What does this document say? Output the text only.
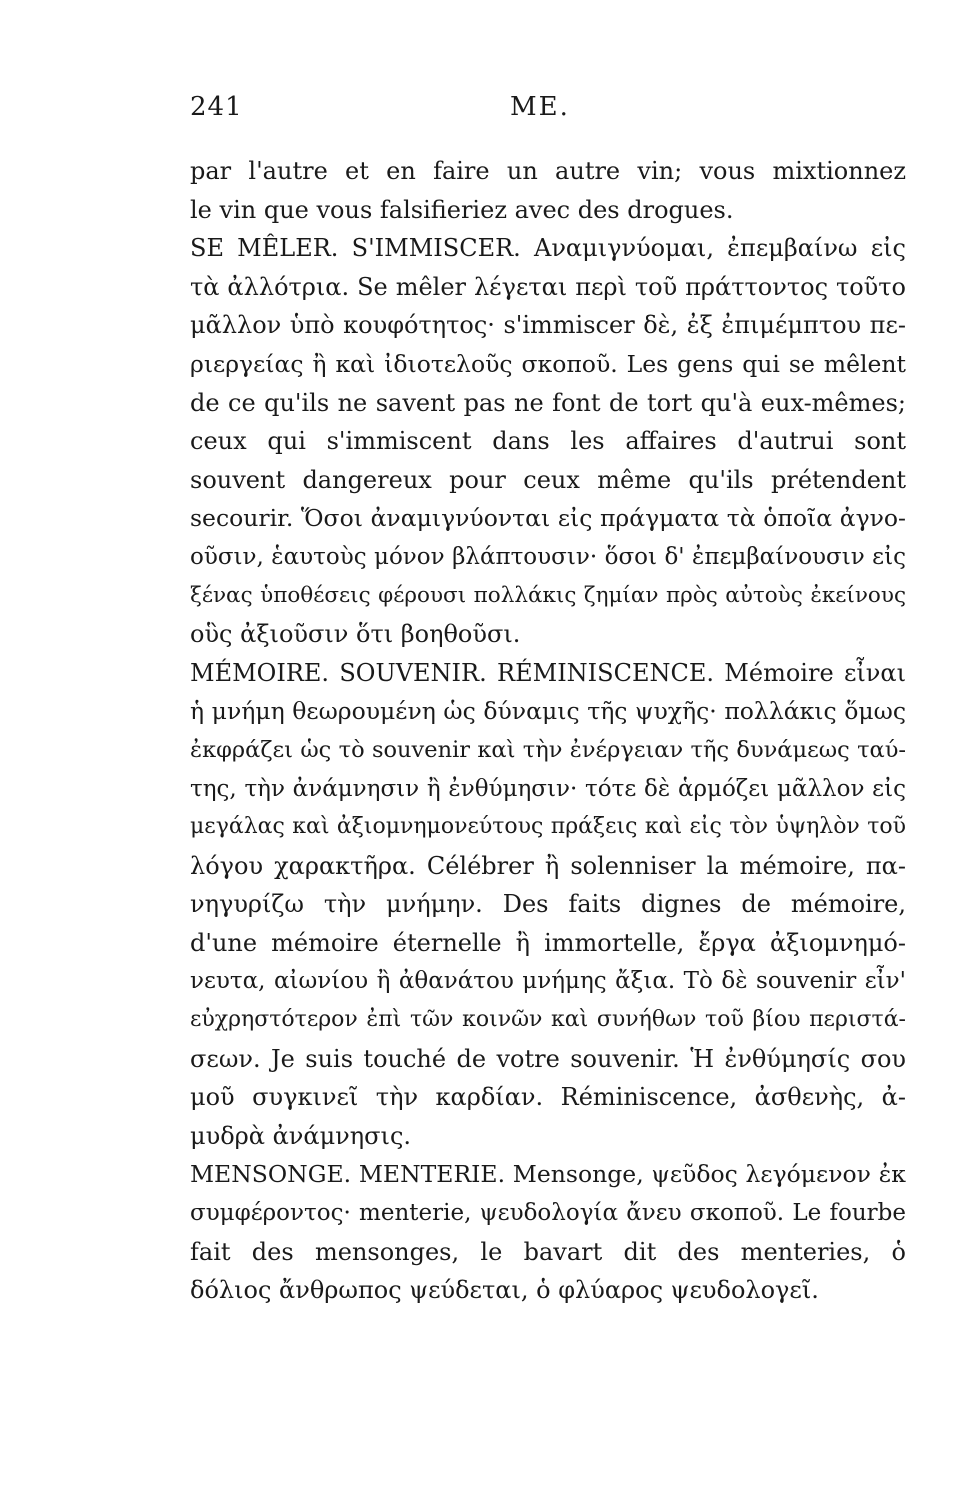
241	ME.
par l'autre et en faire un autre vin; vous mixtionnez
le vin que vous falsifieriez avec des drogues.
SE MÊLER. S'IMMISCER. Αναμιγνύομαι, ἐπεμβαίνω εἰς
τὰ ἀλλότρια. Se mêler λέγεται περὶ τοῦ πράττοντος τοῦτο
μᾶλλον ὑπὸ κουφότητος· s'immiscer δὲ, ἐξ ἐπιμέμπτου πε-
ριεργείας ἢ καὶ ἰδιοτελοῦς σκοποῦ. Les gens qui se mêlent
de ce qu'ils ne savent pas ne font de tort qu'à eux-mêmes;
ceux qui s'immiscent dans les affaires d'autrui sont
souvent dangereux pour ceux même qu'ils prétendent
secourir. Ὅσοι ἀναμιγνύονται εἰς πράγματα τὰ ὁποῖα ἀγνο-
οῦσιν, ἑαυτοὺς μόνον βλάπτουσιν· ὅσοι δ' ἐπεμβαίνουσιν εἰς
ξένας ὑποθέσεις φέρουσι πολλάκις ζημίαν πρὸς αὐτοὺς ἐκείνους
οὓς ἀξιοῦσιν ὅτι βοηθοῦσι.
MÉMOIRE. SOUVENIR. RÉMINISCENCE. Mémoire εἶναι
ἡ μνήμη θεωρουμένη ὡς δύναμις τῆς ψυχῆς· πολλάκις ὅμως
ἐκφράζει ὡς τὸ souvenir καὶ τὴν ἐνέργειαν τῆς δυνάμεως ταύ-
της, τὴν ἀνάμνησιν ἢ ἐνθύμησιν· τότε δὲ ἁρμόζει μᾶλλον εἰς
μεγάλας καὶ ἀξιομνημονεύτους πράξεις καὶ εἰς τὸν ὑψηλὸν τοῦ
λόγου χαρακτῆρα. Célébrer ἢ solenniser la mémoire, πα-
νηγυρίζω τὴν μνήμην. Des faits dignes de mémoire,
d'une mémoire éternelle ἢ immortelle, ἔργα ἀξιομνημό-
νευτα, αἰωνίου ἢ ἀθανάτου μνήμης ἄξια. Τὸ δὲ souvenir εἶν'
εὐχρηστότερον ἐπὶ τῶν κοινῶν καὶ συνήθων τοῦ βίου περιστά-
σεων. Je suis touché de votre souvenir. Ἡ ἐνθύμησίς σου
μοῦ συγκινεῖ τὴν καρδίαν. Réminiscence, ἀσθενὴς, ἀ-
μυδρὰ ἀνάμνησις.
MENSONGE. MENTERIE. Mensonge, ψεῦδος λεγόμενον ἐκ
συμφέροντος· menterie, ψευδολογία ἄνευ σκοποῦ. Le fourbe
fait des mensonges, le bavart dit des menteries, ὁ
δόλιος ἄνθρωπος ψεύδεται, ὁ φλύαρος ψευδολογεῖ.
